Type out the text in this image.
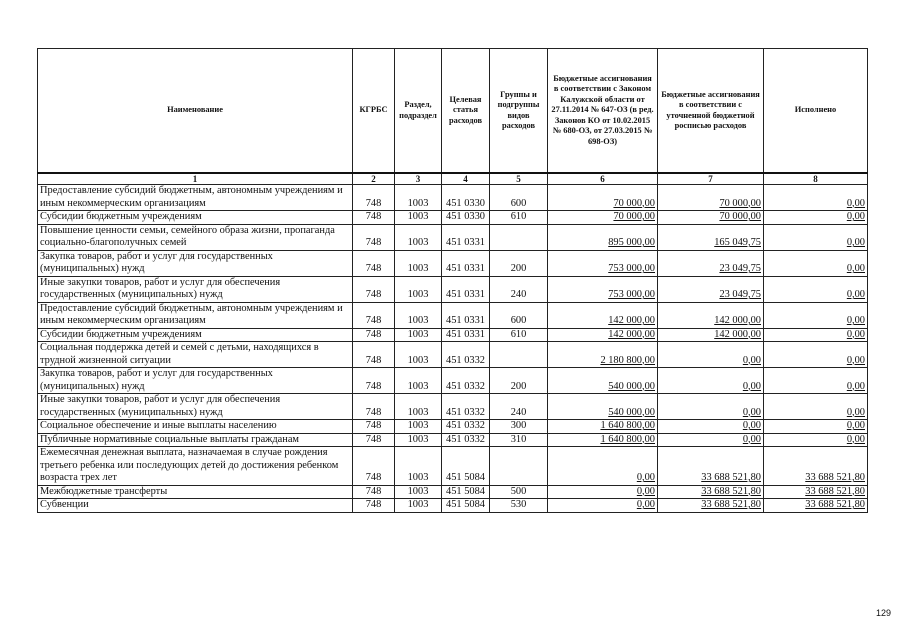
Наименование	КГРБС	Раздел, подраздел	Целевая статья расходов	Группы и подгруппы видов расходов	Бюджетные ассигнования в соответствии с Законом Калужской области от 27.11.2014 № 647-ОЗ (в ред. Законов КО от 10.02.2015 № 680-ОЗ, от 27.03.2015 № 698-ОЗ)	Бюджетные ассигнования в соответствии с уточненной бюджетной росписью расходов	Исполнено
1	2	3	4	5	6	7	8
Предоставление субсидий бюджетным, автономным учреждениям и иным некоммерческим организациям	748	1003	451 0330	600	70 000,00	70 000,00	0,00
Субсидии бюджетным учреждениям	748	1003	451 0330	610	70 000,00	70 000,00	0,00
Повышение ценности семьи, семейного образа жизни, пропаганда социально-благополучных семей	748	1003	451 0331		895 000,00	165 049,75	0,00
Закупка товаров, работ и услуг для государственных (муниципальных) нужд	748	1003	451 0331	200	753 000,00	23 049,75	0,00
Иные закупки товаров, работ и услуг для обеспечения государственных (муниципальных) нужд	748	1003	451 0331	240	753 000,00	23 049,75	0,00
Предоставление субсидий бюджетным, автономным учреждениям и иным некоммерческим организациям	748	1003	451 0331	600	142 000,00	142 000,00	0,00
Субсидии бюджетным учреждениям	748	1003	451 0331	610	142 000,00	142 000,00	0,00
Социальная поддержка детей и семей с детьми, находящихся в трудной жизненной ситуации	748	1003	451 0332		2 180 800,00	0,00	0,00
Закупка товаров, работ и услуг для государственных (муниципальных) нужд	748	1003	451 0332	200	540 000,00	0,00	0,00
Иные закупки товаров, работ и услуг для обеспечения государственных (муниципальных) нужд	748	1003	451 0332	240	540 000,00	0,00	0,00
Социальное обеспечение и иные выплаты населению	748	1003	451 0332	300	1 640 800,00	0,00	0,00
Публичные нормативные социальные выплаты гражданам	748	1003	451 0332	310	1 640 800,00	0,00	0,00
Ежемесячная денежная выплата, назначаемая в случае рождения третьего ребенка или последующих детей до достижения ребенком возраста трех лет	748	1003	451 5084		0,00	33 688 521,80	33 688 521,80
Межбюджетные трансферты	748	1003	451 5084	500	0,00	33 688 521,80	33 688 521,80
Субвенции	748	1003	451 5084	530	0,00	33 688 521,80	33 688 521,80
129
